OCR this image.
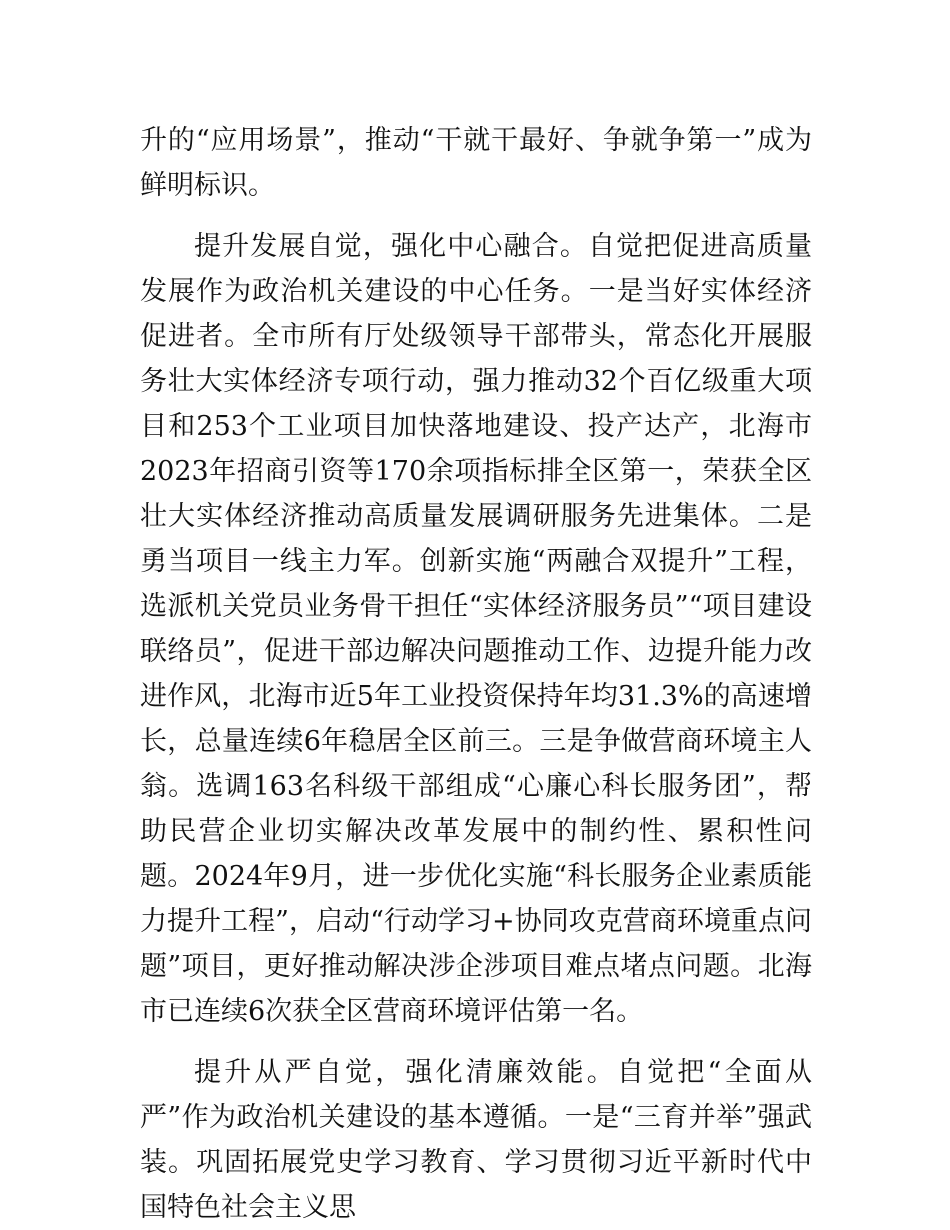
升的“应用场景”，推动“干就干最好、争就争第一”成为鲜明标识。

提升发展自觉，强化中心融合。自觉把促进高质量发展作为政治机关建设的中心任务。一是当好实体经济促进者。全市所有厅处级领导干部带头，常态化开展服务壮大实体经济专项行动，强力推动32个百亿级重大项目和253个工业项目加快落地建设、投产达产，北海市2023年招商引资等170余项指标排全区第一，荣获全区壮大实体经济推动高质量发展调研服务先进集体。二是勇当项目一线主力军。创新实施“两融合双提升”工程，选派机关党员业务骨干担任“实体经济服务员”“项目建设联络员”，促进干部边解决问题推动工作、边提升能力改进作风，北海市近5年工业投资保持年均31.3%的高速增长，总量连续6年稳居全区前三。三是争做营商环境主人翁。选调163名科级干部组成“心廉心科长服务团”，帮助民营企业切实解决改革发展中的制约性、累积性问题。2024年9月，进一步优化实施“科长服务企业素质能力提升工程”，启动“行动学习+协同攻克营商环境重点问题”项目，更好推动解决涉企涉项目难点堵点问题。北海市已连续6次获全区营商环境评估第一名。

提升从严自觉，强化清廉效能。自觉把“全面从严”作为政治机关建设的基本遵循。一是“三育并举”强武装。巩固拓展党史学习教育、学习贯彻习近平新时代中国特色社会主义思
